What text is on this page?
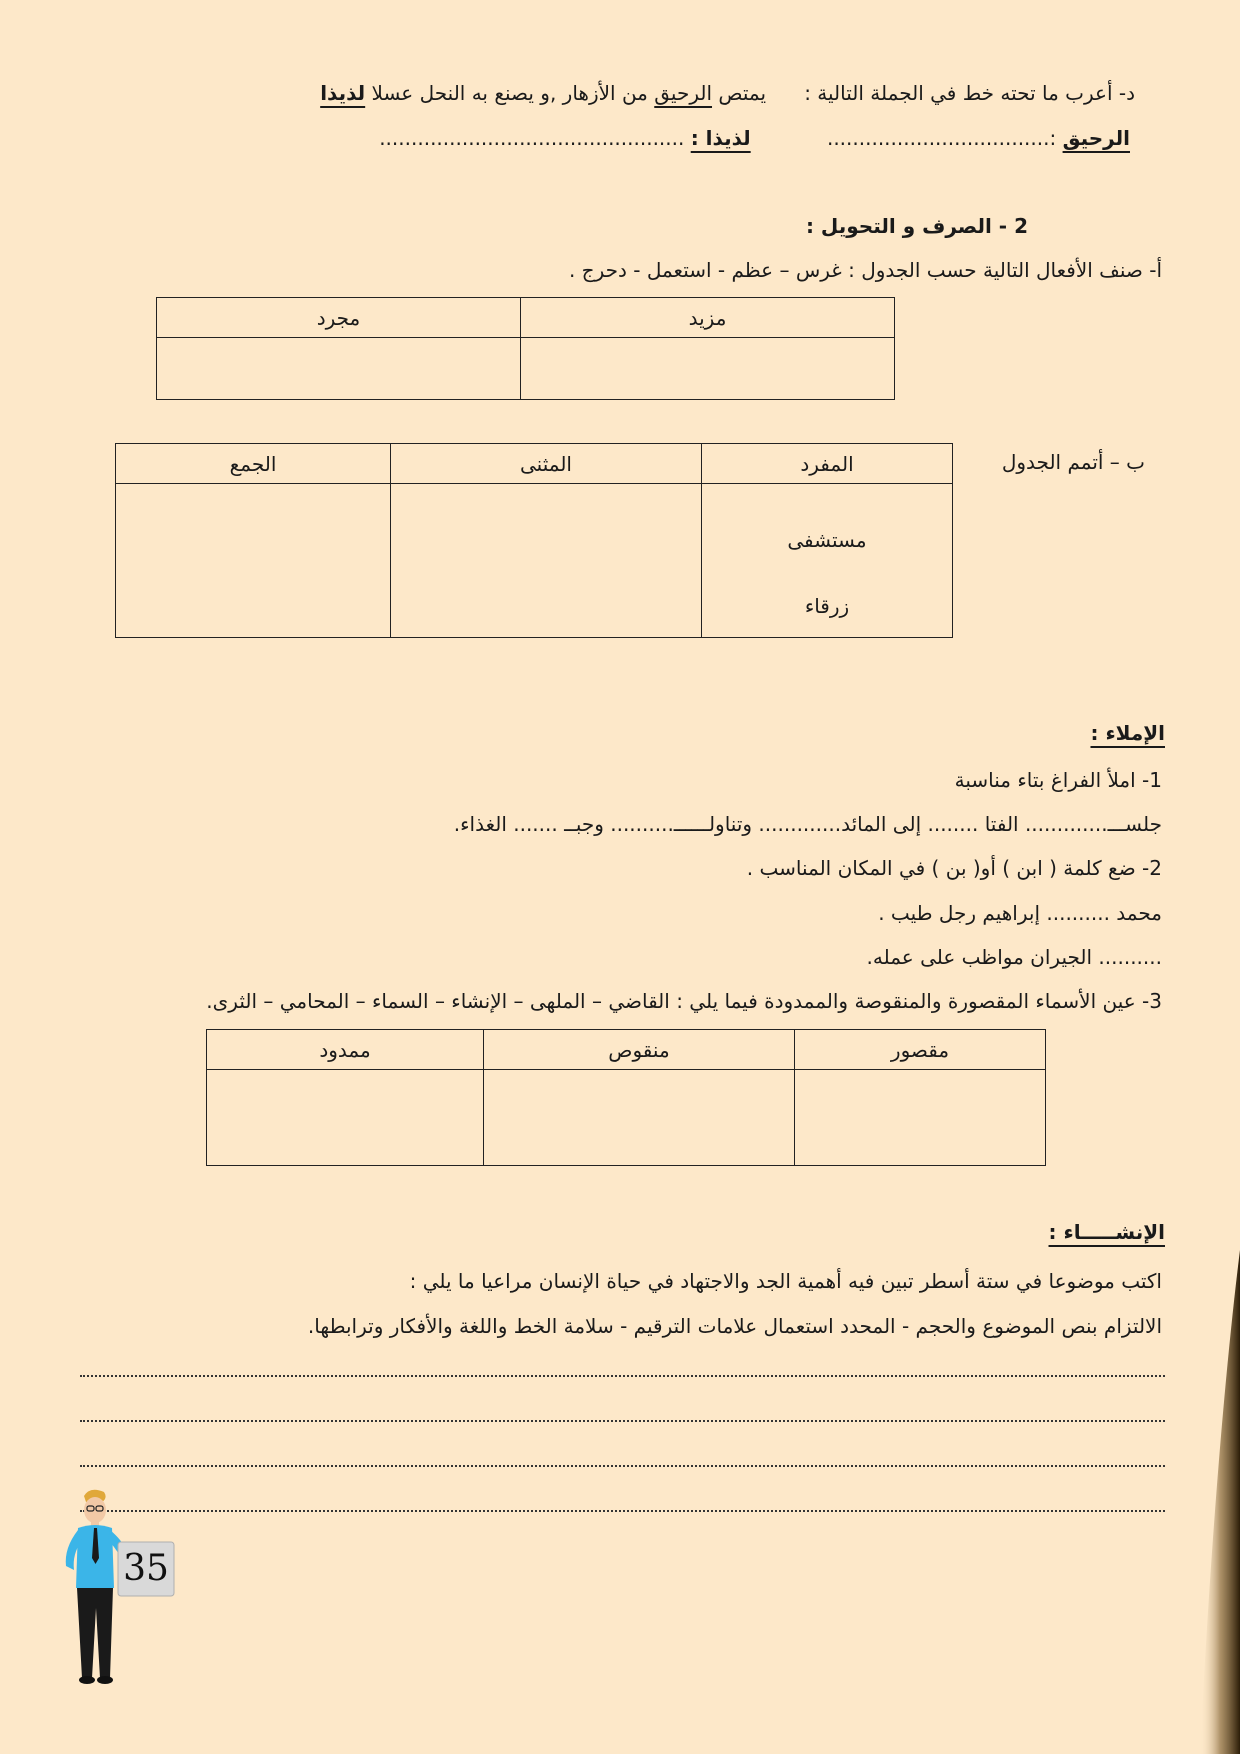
د- أعرب ما تحته خط في الجملة التالية :      يمتص الرحيق من الأزهار ,و يصنع به النحل عسلا لذيذا
الرحيق :...................................            لذيذا : ................................................
2 - الصرف و التحويل :
أ- صنف الأفعال التالية حسب الجدول : غرس – عظم - استعمل - دحرج .
مزيد	مجرد

ب – أتمم الجدول
المفرد	المثنى	الجمع

مستشفى
زرقاء		

الإملاء :
1- املأ الفراغ بتاء مناسبة
جلســـ............. الفتا ........ إلى المائد............. وتناولــــــ.......... وجبــ ....... الغذاء.
2- ضع كلمة ( ابن ) أو( بن ) في المكان المناسب .
محمد .......... إبراهيم رجل طيب .
.......... الجيران مواظب على عمله.
3- عين الأسماء المقصورة والمنقوصة والممدودة فيما يلي : القاضي – الملهى – الإنشاء – السماء – المحامي – الثرى.
مقصور	منقوص	ممدود

الإنشـــــاء :
اكتب موضوعا في ستة أسطر تبين فيه أهمية الجد والاجتهاد في حياة الإنسان مراعيا ما يلي :
الالتزام بنص الموضوع والحجم - المحدد استعمال علامات الترقيم - سلامة الخط واللغة والأفكار وترابطها.
35
